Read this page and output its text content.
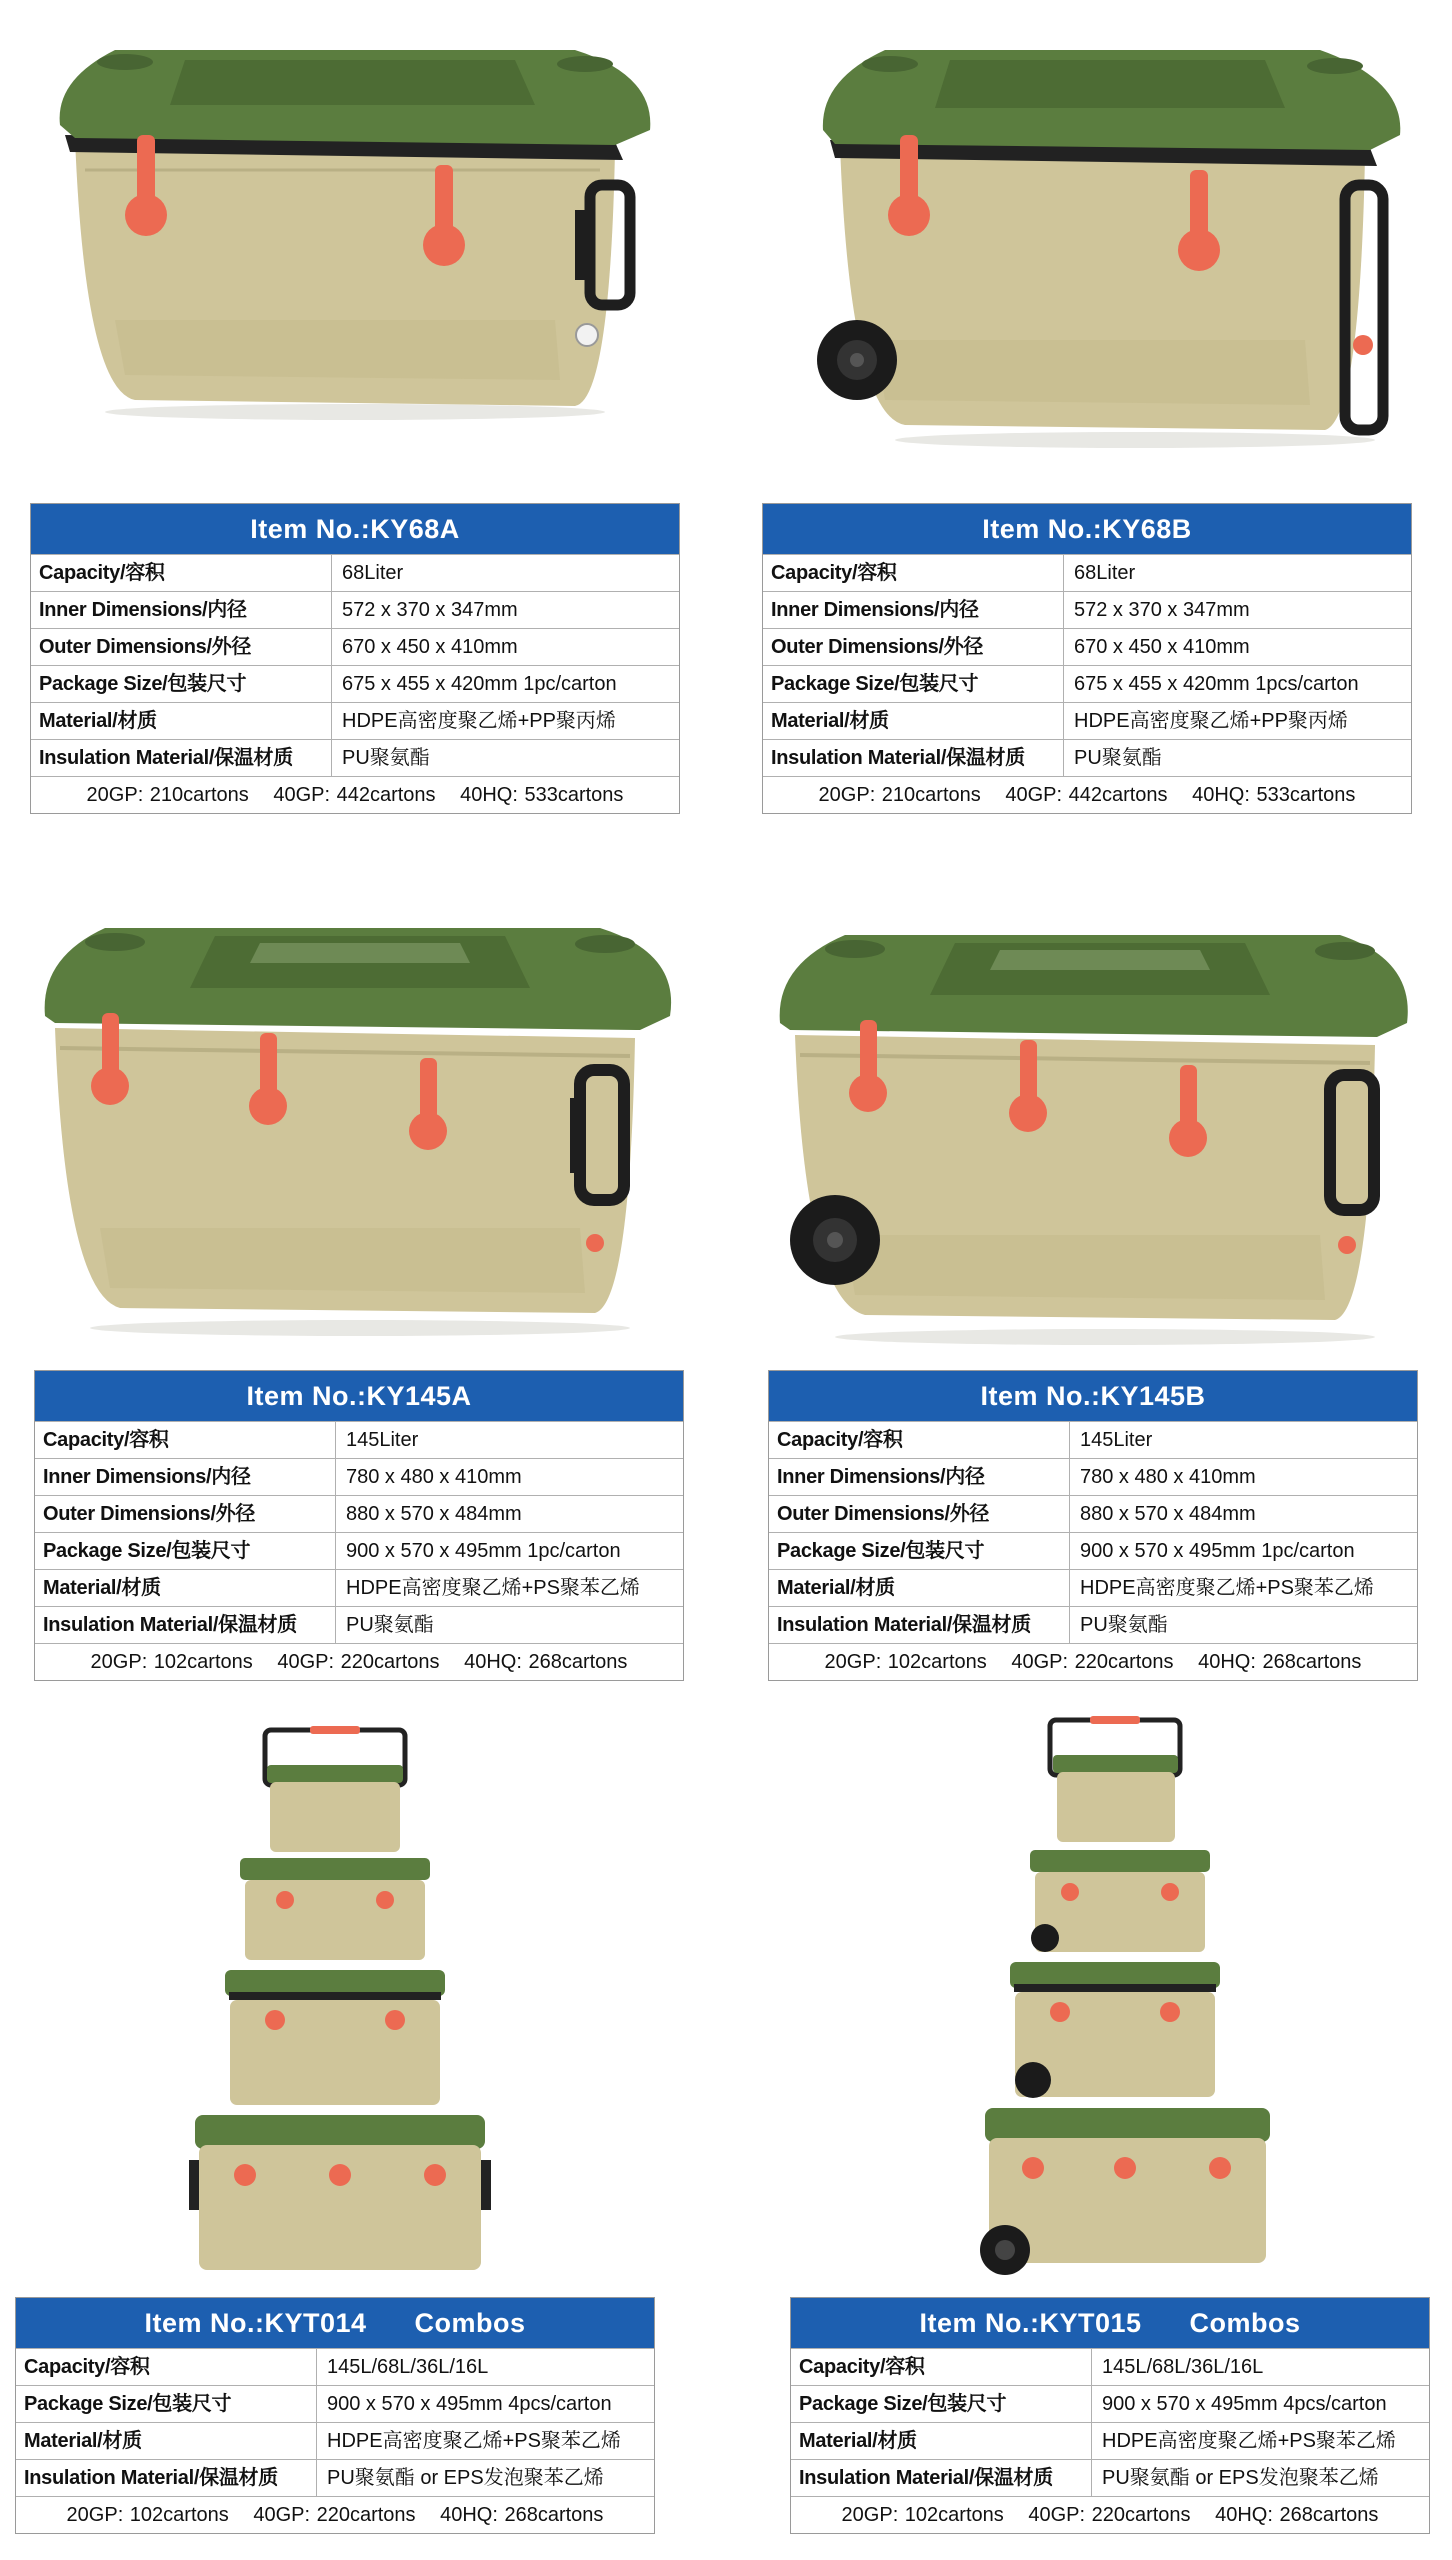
Item No.:KY68A
Capacity/容积	68Liter
Inner Dimensions/内径	572 x 370 x 347mm
Outer Dimensions/外径	670 x 450 x 410mm
Package Size/包装尺寸	675 x 455 x 420mm 1pc/carton
Material/材质	HDPE高密度聚乙烯+PP聚丙烯
Insulation Material/保温材质	PU聚氨酯
20GP: 210cartons 40GP: 442cartons 40HQ: 533cartons
Item No.:KY68B
Capacity/容积	68Liter
Inner Dimensions/内径	572 x 370 x 347mm
Outer Dimensions/外径	670 x 450 x 410mm
Package Size/包装尺寸	675 x 455 x 420mm 1pcs/carton
Material/材质	HDPE高密度聚乙烯+PP聚丙烯
Insulation Material/保温材质	PU聚氨酯
20GP: 210cartons 40GP: 442cartons 40HQ: 533cartons
Item No.:KY145A
Capacity/容积	145Liter
Inner Dimensions/内径	780 x 480 x 410mm
Outer Dimensions/外径	880 x 570 x 484mm
Package Size/包装尺寸	900 x 570 x 495mm 1pc/carton
Material/材质	HDPE高密度聚乙烯+PS聚苯乙烯
Insulation Material/保温材质	PU聚氨酯
20GP: 102cartons 40GP: 220cartons 40HQ: 268cartons
Item No.:KY145B
Capacity/容积	145Liter
Inner Dimensions/内径	780 x 480 x 410mm
Outer Dimensions/外径	880 x 570 x 484mm
Package Size/包装尺寸	900 x 570 x 495mm 1pc/carton
Material/材质	HDPE高密度聚乙烯+PS聚苯乙烯
Insulation Material/保温材质	PU聚氨酯
20GP: 102cartons 40GP: 220cartons 40HQ: 268cartons
Item No.:KYT014 Combos
Capacity/容积	145L/68L/36L/16L
Package Size/包装尺寸	900 x 570 x 495mm 4pcs/carton
Material/材质	HDPE高密度聚乙烯+PS聚苯乙烯
Insulation Material/保温材质	PU聚氨酯 or EPS发泡聚苯乙烯
20GP: 102cartons 40GP: 220cartons 40HQ: 268cartons
Item No.:KYT015 Combos
Capacity/容积	145L/68L/36L/16L
Package Size/包装尺寸	900 x 570 x 495mm 4pcs/carton
Material/材质	HDPE高密度聚乙烯+PS聚苯乙烯
Insulation Material/保温材质	PU聚氨酯 or EPS发泡聚苯乙烯
20GP: 102cartons 40GP: 220cartons 40HQ: 268cartons
